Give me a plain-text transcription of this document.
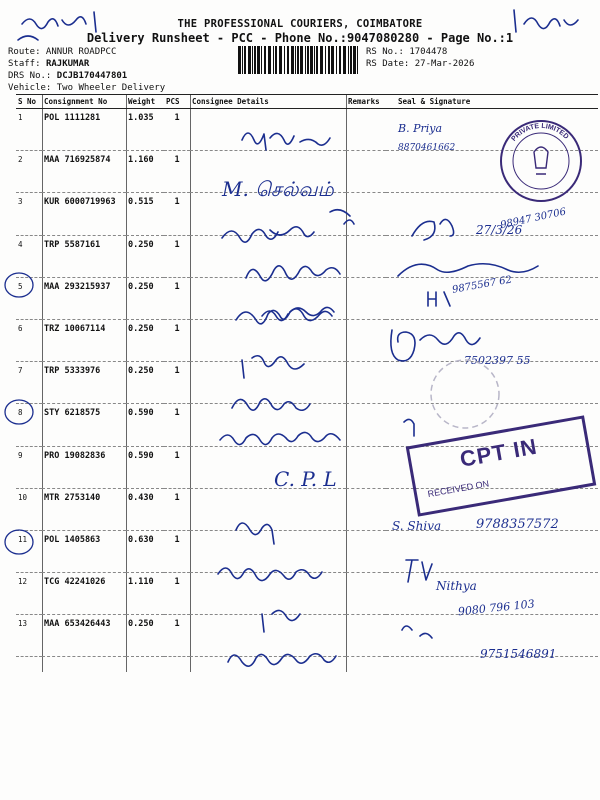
THE PROFESSIONAL COURIERS, COIMBATORE
Delivery Runsheet - PCC - Phone No.:9047080280 - Page No.:1
Route: ANNUR ROADPCC
Staff: RAJKUMAR
DRS No.: DCJB170447801
Vehicle: Two Wheeler Delivery
RS No.: 1704478
RS Date: 27-Mar-2026
S No	Consignment No	Weight	PCS	Consignee Details	Remarks	Seal & Signature
1	POL 1111281	1.035	1			
2	MAA 716925874	1.160	1			
3	KUR 6000719963	0.515	1			
4	TRP 5587161	0.250	1			
5	MAA 293215937	0.250	1			
6	TRZ 10067114	0.250	1			
7	TRP 5333976	0.250	1			
8	STY 6218575	0.590	1			
9	PRO 19082836	0.590	1			
10	MTR 2753140	0.430	1			
11	POL 1405863	0.630	1			
12	TCG 42241026	1.110	1			
13	MAA 653426443	0.250	1			
B. Priya
8870461662
M. செல்வம்
27/3/26
98947 30706
9875567 62
7502397 55
C. P. L
S. Shiva	9788357572
Nithya
9080 796 103
9751546891
PRIVATE LIMITED
CPT IN
RECEIVED ON
